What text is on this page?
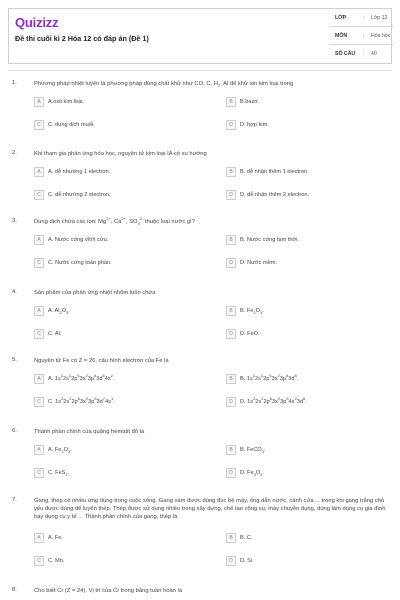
Quizizz
Đề thi cuối kì 2 Hóa 12 có đáp án (Đề 1)
LỚP	: Lớp 12
MÔN	: Hóa học
SỐ CÂU : 40
1.	Phương pháp nhiệt luyện là phương pháp dùng chất khử như CO, C, $H_2$, Al để khử ion kim loại trong
A	A.oxit kim loại.	B	B.bazơ.
C	C. dung dịch muối.	D	D. hợp kim.
2.	Khi tham gia phản ứng hóa học, nguyên tử kim loại IA có xu hướng
A	A. dễ nhường 1 electron.	B	B. dễ nhận thêm 1 electron.
C	C. dễ nhường 2 electron.	D	D. dễ nhận thêm 2 electron.
3.	Dung dịch chứa các ion: $Mg^{2+}$, $Ca^{2+}$, $SO_4^{2-}$ thuộc loại nước gì?
A	A. Nước cứng vĩnh cửu.	B	B. Nước cứng tạm thời.
C	C. Nước cứng toàn phần.	D	D. Nước mềm.
4.	Sản phẩm của phản ứng nhiệt nhôm luôn chứa
A	A. $Al_2O_3$.	B	B. $Fe_2O_3$.
C	C. Al.	D	D. FeO.
5.	Nguyên tử Fe có Z = 26, cấu hình electron của Fe là
A	A. $1s^22s^22p^63s^23p^63d^64s^2$.	B	B. $1s^22s^22p^63s^23p^63d^8$.
C	C. $1s^22s^22p^63s^23p^63d^74s^1$.	D	D. $1s^22s^22p^63s^23p^64s^23d^6$.
6.	Thành phần chính của quặng hematit đỏ là
A	A. $Fe_2O_3$.	B	B. FeCO$_3$.
C	C. FeS$_2$.	D	D. $Fe_3O_4$.
7.	Gang, thép có nhiều ứng dụng trong cuộc sống. Gang xám được dùng đúc bệ máy, ống dẫn nước, cánh cửa ... trong khi gang trắng chủ yếu được dùng để luyện thép. Thép được sử dụng nhiều trong xây dựng, chế tạo công cụ, máy chuyên dụng, dùng làm dụng cụ gia đình hay dụng cụ y tế ... Thành phần chính của gang, thép là
A	A. Fe.	B	B. C.
C	C. Mn.	D	D. Si.
8.	Cho biết Cr (Z = 24). Vị trí của Cr trong bảng tuần hoàn là
